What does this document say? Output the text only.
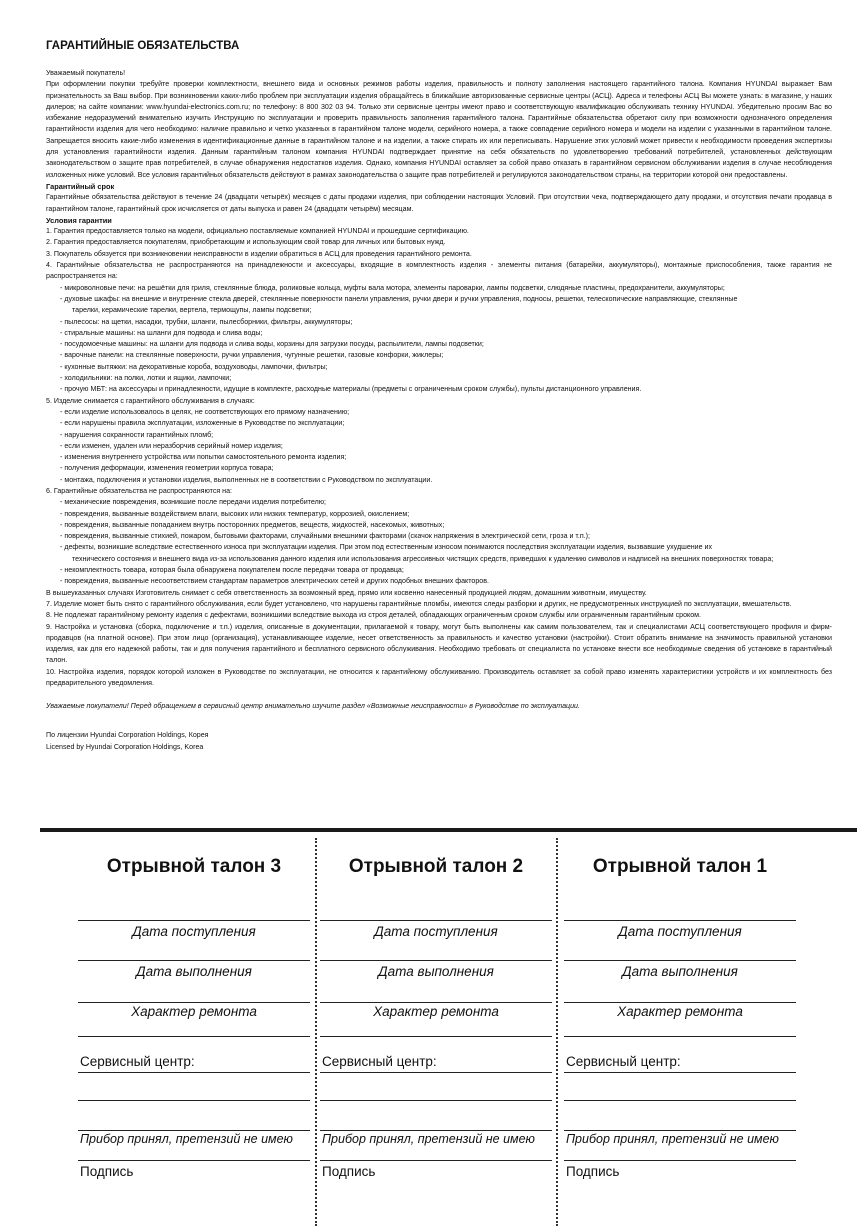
ГАРАНТИЙНЫЕ ОБЯЗАТЕЛЬСТВА

Уважаемый покупатель!

При оформлении покупки требуйте проверки комплектности, внешнего вида и основных режимов работы изделия, правильность и полноту заполнения настоящего гарантийного талона. Компания HYUNDAI выражает Вам признательность за Ваш выбор. При возникновении каких-либо проблем при эксплуатации изделия обращайтесь в ближайшие авторизованные сервисные центры (АСЦ). Адреса и телефоны АСЦ Вы можете узнать: в магазине, у наших дилеров; на сайте компании: www.hyundai-electronics.com.ru; по телефону: 8 800 302 03 94. Только эти сервисные центры имеют право и соответствующую квалификацию обслуживать технику HYUNDAI. Убедительно просим Вас во избежание недоразумений внимательно изучить Инструкцию по эксплуатации и проверить правильность заполнения гарантийного талона. Гарантийные обязательства обретают силу при возможности однозначного определения гарантийности изделия для чего необходимо: наличие правильно и четко указанных в гарантийном талоне модели, серийного номера, а также совпадение серийного номера и модели на изделии с указанными в гарантийном талоне. Запрещается вносить какие-либо изменения в идентификационные данные в гарантийном талоне и на изделии, а также стирать их или переписывать. Нарушение этих условий может привести к необходимости проведения экспертизы для установления гарантийности изделия. Данным гарантийным талоном компания HYUNDAI подтверждает принятие на себя обязательств по удовлетворению требований потребителей, установленных действующим законодательством о защите прав потребителей, в случае обнаружения недостатков изделия. Однако, компания HYUNDAI оставляет за собой право отказать в гарантийном сервисном обслуживании изделия в случае несоблюдения изложенных ниже условий. Все условия гарантийных обязательств действуют в рамках законодательства о защите прав потребителей и регулируются законодательством страны, на территории которой они предоставлены.

Гарантийный срок

Гарантийные обязательства действуют в течение 24 (двадцати четырёх) месяцев с даты продажи изделия, при соблюдении настоящих Условий. При отсутствии чека, подтверждающего дату продажи, и отсутствия печати продавца в гарантийном талоне, гарантийный срок исчисляется от даты выпуска и равен 24 (двадцати четырём) месяцам.

Условия гарантии

1. Гарантия предоставляется только на модели, официально поставляемые компанией HYUNDAI и прошедшие сертификацию.
2. Гарантия предоставляется покупателям, приобретающим и использующим свой товар для личных или бытовых нужд.
3. Покупатель обязуется при возникновении неисправности в изделии обратиться в АСЦ для проведения гарантийного ремонта.
4. Гарантийные обязательства не распространяются на принадлежности и аксессуары, входящие в комплектность изделия - элементы питания (батарейки, аккумуляторы), монтажные приспособления, также гарантия не распространяется на:
- микроволновые печи: на решётки для гриля, стеклянные блюда, роликовые кольца, муфты вала мотора, элементы пароварки, лампы подсветки, слюдяные пластины, предохранители, аккумуляторы;
- духовые шкафы: на внешние и внутренние стекла дверей, стеклянные поверхности панели управления, ручки двери и ручки управления, подносы, решетки, телескопические направляющие, стеклянные
тарелки, керамические тарелки, вертела, термощупы, лампы подсветки;
- пылесосы: на щетки, насадки, трубки, шланги, пылесборники, фильтры, аккумуляторы;
- стиральные машины: на шланги для подвода и слива воды;
- посудомоечные машины: на шланги для подвода и слива воды, корзины для загрузки посуды, распылители, лампы подсветки;
- варочные панели: на стеклянные поверхности, ручки управления, чугунные решетки, газовые конфорки, жиклеры;
- кухонные вытяжки: на декоративные короба, воздуховоды, лампочки, фильтры;
- холодильники: на полки, лотки и ящики, лампочки;
- прочую МБТ: на аксессуары и принадлежности, идущие в комплекте, расходные материалы (предметы с ограниченным сроком службы), пульты дистанционного управления.
5. Изделие снимается с гарантийного обслуживания в случаях:
- если изделие использовалось в целях, не соответствующих его прямому назначению;
- если нарушены правила эксплуатации, изложенные в Руководстве по эксплуатации;
- нарушения сохранности гарантийных пломб;
- если изменен, удален или неразборчив серийный номер изделия;
- изменения внутреннего устройства или попытки самостоятельного ремонта изделия;
- получения деформации, изменения геометрии корпуса товара;
- монтажа, подключения и установки изделия, выполненных не в соответствии с Руководством по эксплуатации.
6. Гарантийные обязательства не распространяются на:
- механические повреждения, возникшие после передачи изделия потребителю;
- повреждения, вызванные воздействием влаги, высоких или низких температур, коррозией, окислением;
- повреждения, вызванные попаданием внутрь посторонних предметов, веществ, жидкостей, насекомых, животных;
- повреждения, вызванные стихией, пожаром, бытовыми факторами, случайными внешними факторами (скачок напряжения в электрической сети, гроза и т.п.);
- дефекты, возникшие вследствие естественного износа при эксплуатации изделия. При этом под естественным износом понимаются последствия эксплуатации изделия, вызвавшие ухудшение их
техническего состояния и внешнего вида из-за использования данного изделия или использования агрессивных чистящих средств, приведших к удалению символов и надписей на внешних поверхностях товара;
- некомплектность товара, которая была обнаружена покупателем после передачи товара от продавца;
- повреждения, вызванные несоответствием стандартам параметров электрических сетей и других подобных внешних факторов.
В вышеуказанных случаях Изготовитель снимает с себя ответственность за возможный вред, прямо или косвенно нанесенный продукцией людям, домашним животным, имуществу.
7. Изделие может быть снято с гарантийного обслуживания, если будет установлено, что нарушены гарантийные пломбы, имеются следы разборки и других, не предусмотренных инструкцией по эксплуатации, вмешательств.
8. Не подлежат гарантийному ремонту изделия с дефектами, возникшими вследствие выхода из строя деталей, обладающих ограниченным сроком службы или ограниченным гарантийным сроком.
9. Настройка и установка (сборка, подключение и т.п.) изделия, описанные в документации, прилагаемой к товару, могут быть выполнены как самим пользователем, так и специалистами АСЦ соответствующего профиля и фирм-продавцов (на платной основе). При этом лицо (организация), устанавливающее изделие, несет ответственность за правильность и качество установки (настройки). Стоит обратить внимание на значимость правильной установки изделия, как для его надежной работы, так и для получения гарантийного и бесплатного сервисного обслуживания. Необходимо требовать от специалиста по установке внести все необходимые сведения об установке в гарантийный талон.
10. Настройка изделия, порядок которой изложен в Руководстве по эксплуатации, не относится к гарантийному обслуживанию. Производитель оставляет за собой право изменять характеристики устройств и их комплектность без предварительного уведомления.

Уважаемые покупатели! Перед обращением в сервисный центр внимательно изучите раздел «Возможные неисправности» в Руководстве по эксплуатации.

По лицензии Hyundai Corporation Holdings, Корея

Licensed by Hyundai Corporation Holdings, Korea

Отрывной талон 3
Дата поступления
Дата выполнения
Характер ремонта
Сервисный центр:
Прибор принял, претензий не имею
Подпись
Отрывной талон 2
Дата поступления
Дата выполнения
Характер ремонта
Сервисный центр:
Прибор принял, претензий не имею
Подпись
Отрывной талон 1
Дата поступления
Дата выполнения
Характер ремонта
Сервисный центр:
Прибор принял, претензий не имею
Подпись
